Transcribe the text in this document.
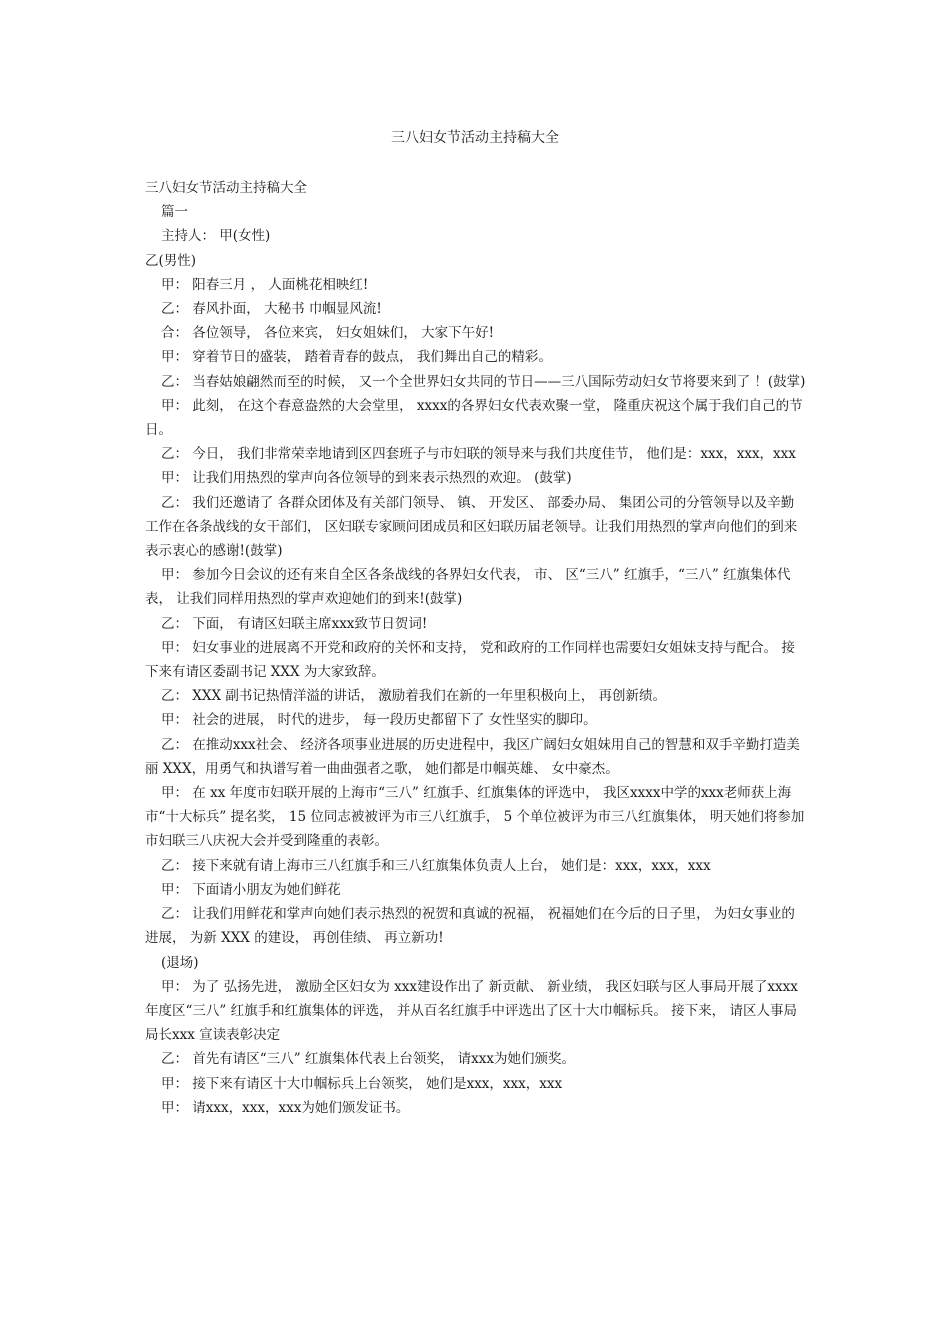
三八妇女节活动主持稿大全

三八妇女节活动主持稿大全

篇一

主持人： 甲(女性)

乙(男性)

甲： 阳春三月 ， 人面桃花相映红!

乙： 春风扑面， 大秘书 巾帼显风流!

合： 各位领导， 各位来宾， 妇女姐妹们， 大家下午好!

甲： 穿着节日的盛装， 踏着青春的鼓点， 我们舞出自己的精彩。

乙： 当春姑娘翩然而至的时候， 又一个全世界妇女共同的节日——三八国际劳动妇女节将要来到了 ！(鼓掌)

甲： 此刻， 在这个春意盎然的大会堂里， xxxx的各界妇女代表欢聚一堂， 隆重庆祝这个属于我们自己的节日。

乙： 今日， 我们非常荣幸地请到区四套班子与市妇联的领导来与我们共度佳节， 他们是：xxx，xxx，xxx

甲： 让我们用热烈的掌声向各位领导的到来表示热烈的欢迎。 (鼓掌)

乙： 我们还邀请了 各群众团体及有关部门领导、 镇、 开发区、 部委办局、 集团公司的分管领导以及辛勤工作在各条战线的女干部们， 区妇联专家顾问团成员和区妇联历届老领导。让我们用热烈的掌声向他们的到来表示衷心的感谢!(鼓掌)

甲： 参加今日会议的还有来自全区各条战线的各界妇女代表， 市、 区“三八” 红旗手，“三八” 红旗集体代表， 让我们同样用热烈的掌声欢迎她们的到来!(鼓掌)

乙： 下面， 有请区妇联主席xxx致节日贺词!

甲： 妇女事业的进展离不开党和政府的关怀和支持， 党和政府的工作同样也需要妇女姐妹支持与配合。 接下来有请区委副书记 XXX 为大家致辞。

乙： XXX 副书记热情洋溢的讲话， 激励着我们在新的一年里积极向上， 再创新绩。

甲： 社会的进展， 时代的进步， 每一段历史都留下了 女性坚实的脚印。

乙： 在推动xxx社会、 经济各项事业进展的历史进程中，我区广阔妇女姐妹用自己的智慧和双手辛勤打造美丽 XXX，用勇气和执谱写着一曲曲强者之歌， 她们都是巾帼英雄、 女中豪杰。

甲： 在 xx 年度市妇联开展的上海市“三八” 红旗手、红旗集体的评选中， 我区xxxx中学的xxx老师获上海市“十大标兵” 提名奖， 15 位同志被被评为市三八红旗手， 5 个单位被评为市三八红旗集体， 明天她们将参加市妇联三八庆祝大会并受到隆重的表彰。

乙： 接下来就有请上海市三八红旗手和三八红旗集体负责人上台， 她们是：xxx，xxx，xxx

甲： 下面请小朋友为她们鲜花

乙： 让我们用鲜花和掌声向她们表示热烈的祝贺和真诚的祝福， 祝福她们在今后的日子里， 为妇女事业的进展， 为新 XXX 的建设， 再创佳绩、 再立新功!

(退场)

甲： 为了 弘扬先进， 激励全区妇女为 xxx建设作出了 新贡献、 新业绩， 我区妇联与区人事局开展了xxxx年度区“三八” 红旗手和红旗集体的评选， 并从百名红旗手中评选出了区十大巾帼标兵。 接下来， 请区人事局局长xxx 宣读表彰决定

乙： 首先有请区“三八” 红旗集体代表上台领奖， 请xxx为她们颁奖。

甲： 接下来有请区十大巾帼标兵上台领奖， 她们是xxx，xxx，xxx

甲： 请xxx，xxx，xxx为她们颁发证书。
